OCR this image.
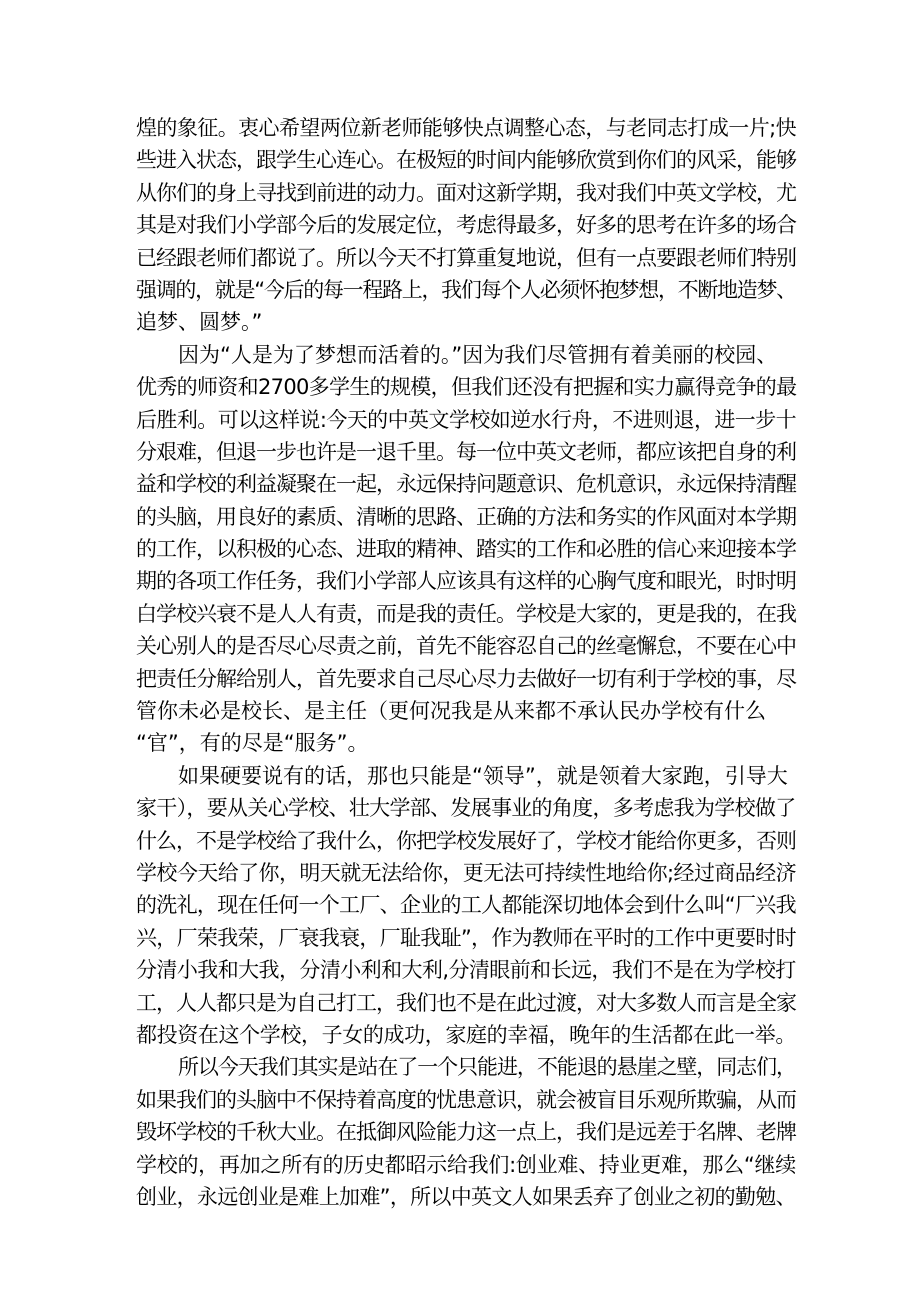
煌的象征。衷心希望两位新老师能够快点调整心态，与老同志打成一片;快
些进入状态，跟学生心连心。在极短的时间内能够欣赏到你们的风采，能够
从你们的身上寻找到前进的动力。面对这新学期，我对我们中英文学校，尤
其是对我们小学部今后的发展定位，考虑得最多，好多的思考在许多的场合
已经跟老师们都说了。所以今天不打算重复地说，但有一点要跟老师们特别
强调的，就是“今后的每一程路上，我们每个人必须怀抱梦想，不断地造梦、
追梦、圆梦。”
因为“人是为了梦想而活着的。”因为我们尽管拥有着美丽的校园、
优秀的师资和2700多学生的规模，但我们还没有把握和实力赢得竞争的最
后胜利。可以这样说:今天的中英文学校如逆水行舟，不进则退，进一步十
分艰难，但退一步也许是一退千里。每一位中英文老师，都应该把自身的利
益和学校的利益凝聚在一起，永远保持问题意识、危机意识，永远保持清醒
的头脑，用良好的素质、清晰的思路、正确的方法和务实的作风面对本学期
的工作，以积极的心态、进取的精神、踏实的工作和必胜的信心来迎接本学
期的各项工作任务，我们小学部人应该具有这样的心胸气度和眼光，时时明
白学校兴衰不是人人有责，而是我的责任。学校是大家的，更是我的，在我
关心别人的是否尽心尽责之前，首先不能容忍自己的丝毫懈怠，不要在心中
把责任分解给别人，首先要求自己尽心尽力去做好一切有利于学校的事，尽
管你未必是校长、是主任（更何况我是从来都不承认民办学校有什么
“官”，有的尽是“服务”。
如果硬要说有的话，那也只能是“领导”，就是领着大家跑，引导大
家干），要从关心学校、壮大学部、发展事业的角度，多考虑我为学校做了
什么，不是学校给了我什么，你把学校发展好了，学校才能给你更多，否则
学校今天给了你，明天就无法给你，更无法可持续性地给你;经过商品经济
的洗礼，现在任何一个工厂、企业的工人都能深切地体会到什么叫“厂兴我
兴，厂荣我荣，厂衰我衰，厂耻我耻”，作为教师在平时的工作中更要时时
分清小我和大我，分清小利和大利,分清眼前和长远，我们不是在为学校打
工，人人都只是为自己打工，我们也不是在此过渡，对大多数人而言是全家
都投资在这个学校，子女的成功，家庭的幸福，晚年的生活都在此一举。
所以今天我们其实是站在了一个只能进，不能退的悬崖之壁，同志们，
如果我们的头脑中不保持着高度的忧患意识，就会被盲目乐观所欺骗，从而
毁坏学校的千秋大业。在抵御风险能力这一点上，我们是远差于名牌、老牌
学校的，再加之所有的历史都昭示给我们:创业难、持业更难，那么“继续
创业，永远创业是难上加难”，所以中英文人如果丢弃了创业之初的勤勉、
